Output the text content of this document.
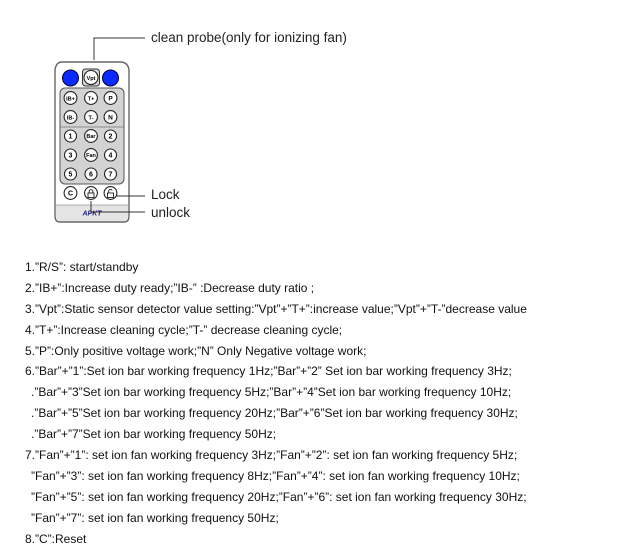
Vpt
IB+ T+ P
IB-	T- N
1	Bar 2
3 Fan 4
5 6 7
C
APKT
clean probe(only for ionizing fan)
Lock
unlock
1.”R/S”: start/standby
2.”IB+”:Increase duty ready;”IB-” :Decrease duty ratio ;
3.”Vpt”:Static sensor detector value setting:”Vpt”+”T+”:increase value;”Vpt”+”T-”decrease value
4.”T+”:Increase cleaning cycle;”T-” decrease cleaning cycle;
5.”P”:Only positive voltage work;”N” Only Negative voltage work;
6.”Bar”+”1”:Set ion bar working frequency 1Hz;”Bar”+”2” Set ion bar working frequency 3Hz;
.”Bar”+”3”Set ion bar working frequency 5Hz;”Bar”+”4”Set ion bar working frequency 10Hz;
.”Bar”+”5”Set ion bar working frequency 20Hz;”Bar”+”6”Set ion bar working frequency 30Hz;
.”Bar”+”7”Set ion bar working frequency 50Hz;
7.”Fan”+”1”: set ion fan working frequency 3Hz;”Fan”+”2”: set ion fan working frequency 5Hz;
”Fan”+”3”: set ion fan working frequency 8Hz;”Fan”+”4”: set ion fan working frequency 10Hz;
”Fan”+”5”: set ion fan working frequency 20Hz;”Fan”+”6”: set ion fan working frequency 30Hz;
”Fan”+”7”: set ion fan working frequency 50Hz;
8.”C”:Reset
